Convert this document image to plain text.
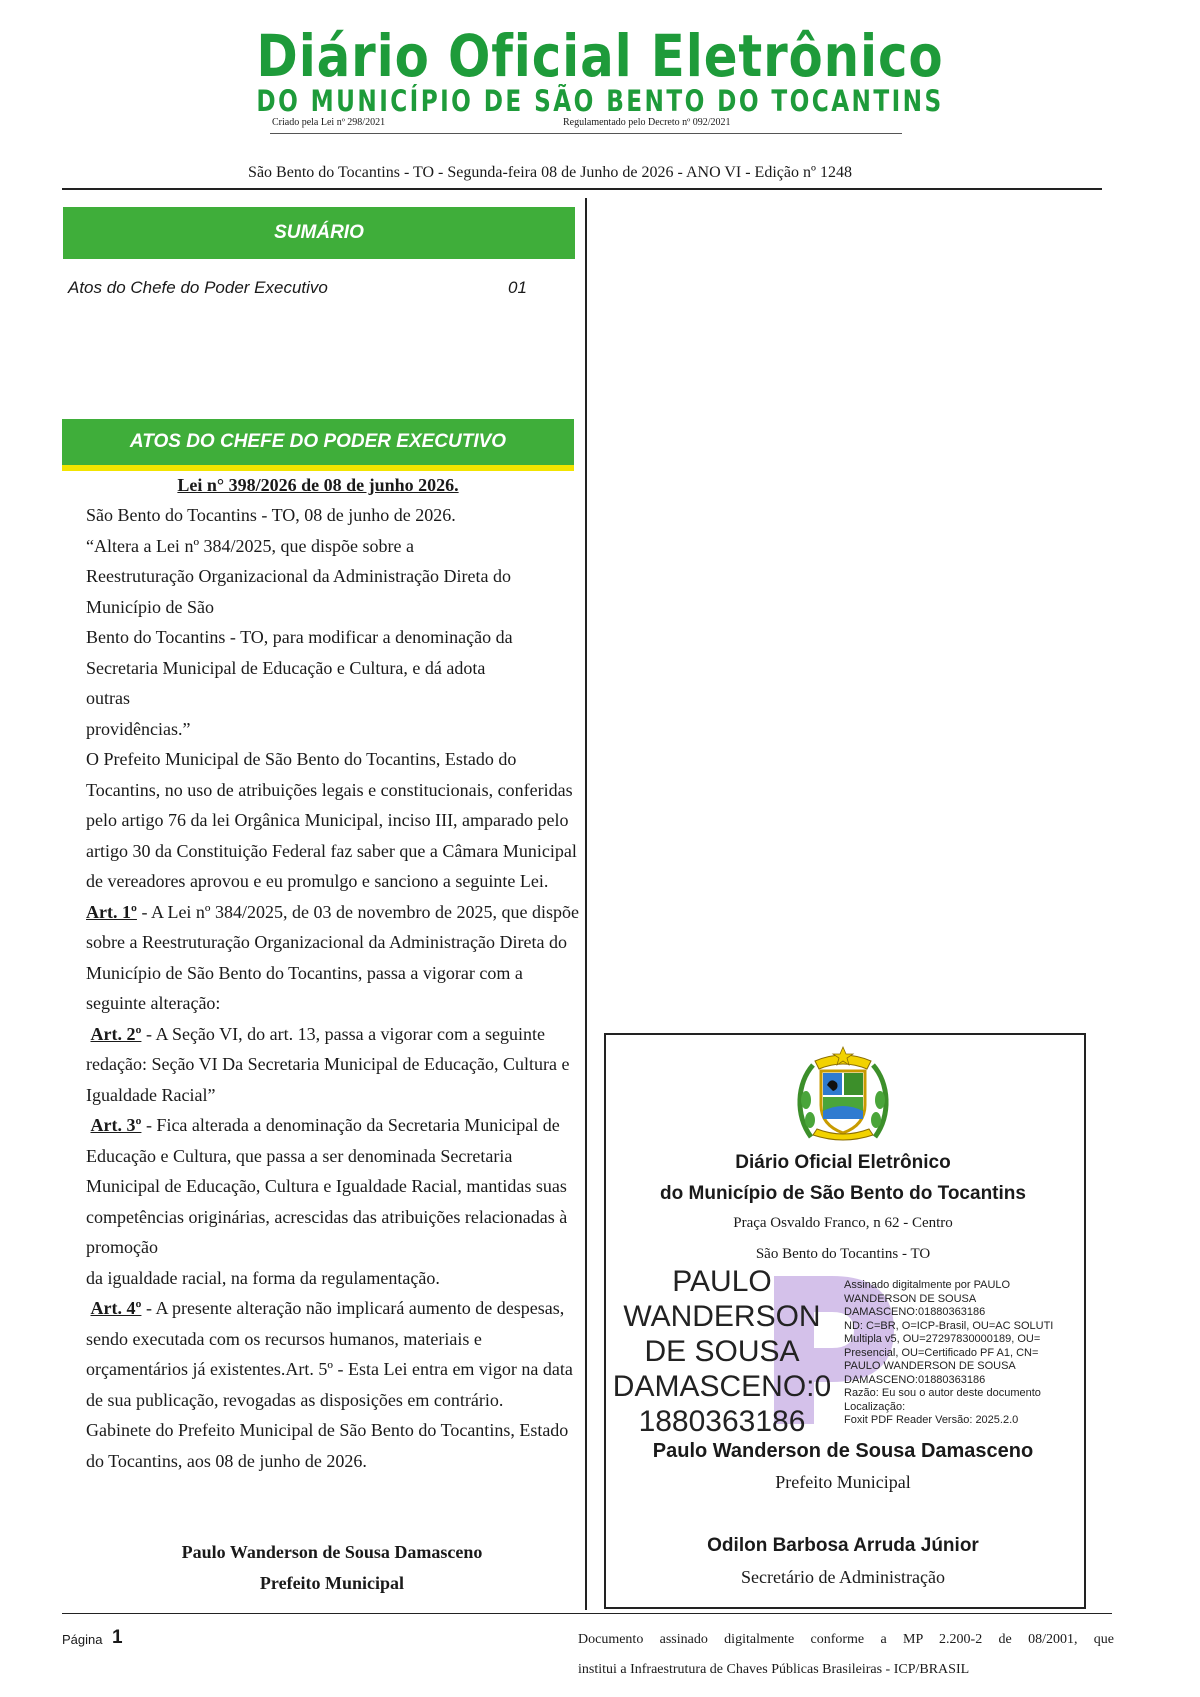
Diário Oficial Eletrônico
DO MUNICÍPIO DE SÃO BENTO DO TOCANTINS
Criado pela Lei nº 298/2021	Regulamentado pelo Decreto nº 092/2021
São Bento do Tocantins - TO - Segunda-feira 08 de Junho de 2026 - ANO VI - Edição nº 1248
SUMÁRIO
Atos do Chefe do Poder Executivo	01
ATOS DO CHEFE DO PODER EXECUTIVO
Lei n° 398/2026 de 08 de junho 2026.

São Bento do Tocantins - TO, 08 de junho de 2026.

“Altera a Lei nº 384/2025, que dispõe sobre a

Reestruturação Organizacional da Administração Direta do

Município de São

Bento do Tocantins - TO, para modificar a denominação da

Secretaria Municipal de Educação e Cultura, e dá adota

outras

providências.”

O Prefeito Municipal de São Bento do Tocantins, Estado do Tocantins, no uso de atribuições legais e constitucionais, conferidas pelo artigo 76 da lei Orgânica Municipal, inciso III, amparado pelo artigo 30 da Constituição Federal faz saber que a Câmara Municipal de vereadores aprovou e eu promulgo e sanciono a seguinte Lei.

Art. 1º - A Lei nº 384/2025, de 03 de novembro de 2025, que dispõe sobre a Reestruturação Organizacional da Administração Direta do Município de São Bento do Tocantins, passa a vigorar com a seguinte alteração:

Art. 2º - A Seção VI, do art. 13, passa a vigorar com a seguinte redação: Seção VI Da Secretaria Municipal de Educação, Cultura e Igualdade Racial”

Art. 3º - Fica alterada a denominação da Secretaria Municipal de Educação e Cultura, que passa a ser denominada Secretaria Municipal de Educação, Cultura e Igualdade Racial, mantidas suas competências originárias, acrescidas das atribuições relacionadas à promoção

da igualdade racial, na forma da regulamentação.

Art. 4º - A presente alteração não implicará aumento de despesas, sendo executada com os recursos humanos, materiais e orçamentários já existentes.Art. 5º - Esta Lei entra em vigor na data de sua publicação, revogadas as disposições em contrário.

Gabinete do Prefeito Municipal de São Bento do Tocantins, Estado do Tocantins, aos 08 de junho de 2026.

Paulo Wanderson de Sousa Damasceno
Prefeito Municipal
Diário Oficial Eletrônico
do Município de São Bento do Tocantins
Praça Osvaldo Franco, n 62 - Centro
São Bento do Tocantins - TO
PAULO
WANDERSON
DE SOUSA
DAMASCENO:0
1880363186
Assinado digitalmente por PAULO
WANDERSON DE SOUSA
DAMASCENO:01880363186
ND: C=BR, O=ICP-Brasil, OU=AC SOLUTI
Multipla v5, OU=27297830000189, OU=
Presencial, OU=Certificado PF A1, CN=
PAULO WANDERSON DE SOUSA
DAMASCENO:01880363186
Razão: Eu sou o autor deste documento
Localização:
Foxit PDF Reader Versão: 2025.2.0
Paulo Wanderson de Sousa Damasceno
Prefeito Municipal
Odilon Barbosa Arruda Júnior
Secretário de Administração
Página 1	Documento assinado digitalmente conforme a MP 2.200-2 de 08/2001, que
institui a Infraestrutura de Chaves Públicas Brasileiras - ICP/BRASIL
